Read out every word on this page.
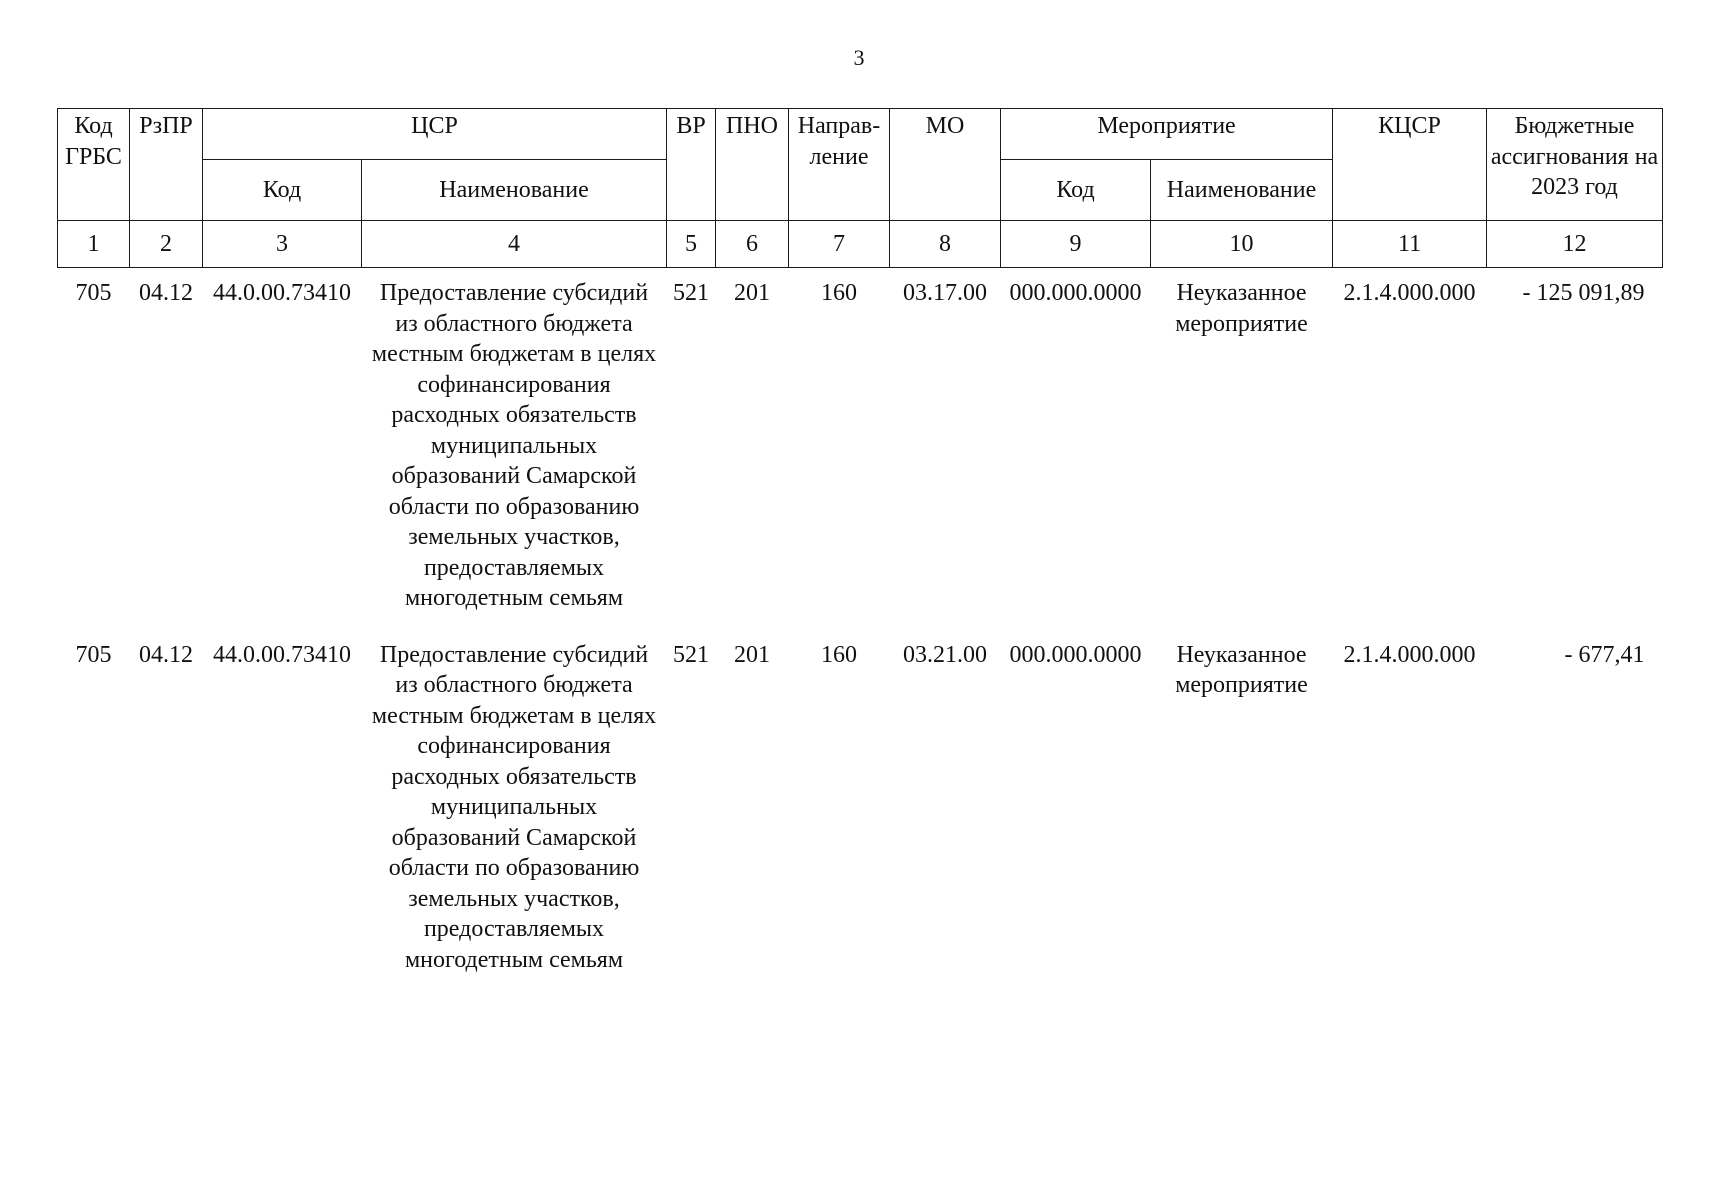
3
Код ГРБС	РзПР	ЦСР		ВР	ПНО	Направ-ление	МО	Мероприятие		КЦСР	Бюджетные ассигнования на 2023 год
		Код	Наименование					Код	Наименование		
1	2	3	4	5	6	7	8	9	10	11	12
705	04.12	44.0.00.73410	Предоставление субсидий из областного бюджета местным бюджетам в целях софинансирования расходных обязательств муниципальных образований Самарской области по образованию земельных участков, предоставляемых многодетным семьям	521	201	160	03.17.00	000.000.0000	Неуказанное мероприятие	2.1.4.000.000	- 125 091,89
705	04.12	44.0.00.73410	Предоставление субсидий из областного бюджета местным бюджетам в целях софинансирования расходных обязательств муниципальных образований Самарской области по образованию земельных участков, предоставляемых многодетным семьям	521	201	160	03.21.00	000.000.0000	Неуказанное мероприятие	2.1.4.000.000	- 677,41
